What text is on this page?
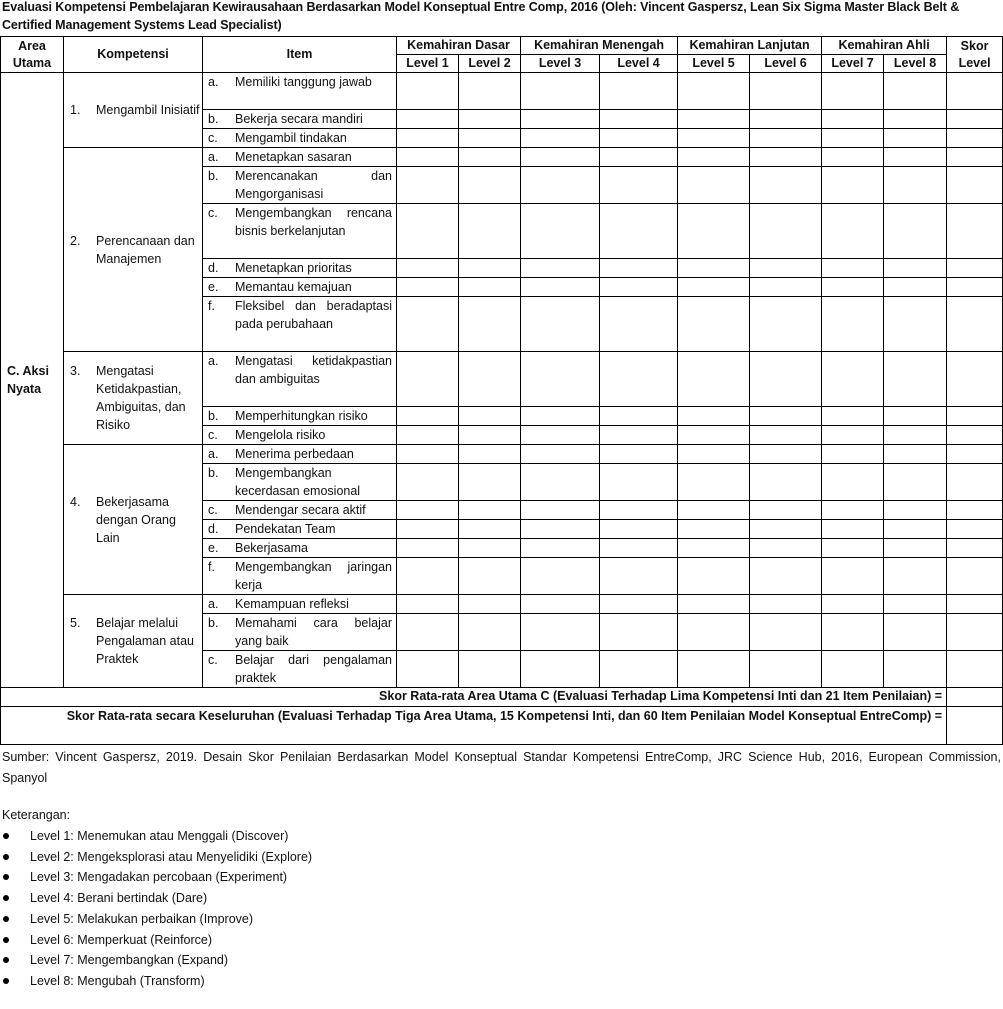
Evaluasi Kompetensi Pembelajaran Kewirausahaan Berdasarkan Model Konseptual Entre Comp, 2016 (Oleh: Vincent Gaspersz, Lean Six Sigma Master Black Belt & Certified Management Systems Lead Specialist)
Area Utama	Kompetensi	Item	Kemahiran Dasar		Kemahiran Menengah		Kemahiran Lanjutan		Kemahiran Ahli		Skor Level
			Level 1	Level 2	Level 3	Level 4	Level 5	Level 6	Level 7	Level 8	
C. Aksi Nyata	1. Mengambil Inisiatif	a. Memiliki tanggung jawab									

		b. Bekerja secara mandiri									

		c. Mengambil tindakan									

	2. Perencanaan dan Manajemen	a. Menetapkan sasaran									

		b. Merencanakan dan Mengorganisasi									

		c. Mengembangkan rencana bisnis berkelanjutan									

		d. Menetapkan prioritas									

		e. Memantau kemajuan									

		f. Fleksibel dan beradaptasi pada perubahaan									

	3. Mengatasi Ketidakpastian, Ambiguitas, dan Risiko	a. Mengatasi ketidakpastian dan ambiguitas									

		b. Memperhitungkan risiko									

		c. Mengelola risiko									

	4. Bekerjasama dengan Orang Lain	a. Menerima perbedaan									

		b. Mengembangkan kecerdasan emosional									

		c. Mendengar secara aktif									

		d. Pendekatan Team									

		e. Bekerjasama									

		f. Mengembangkan jaringan kerja									

	5. Belajar melalui Pengalaman atau Praktek	a. Kemampuan refleksi									

		b. Memahami cara belajar yang baik									

		c. Belajar dari pengalaman praktek									

Skor Rata-rata Area Utama C (Evaluasi Terhadap Lima Kompetensi Inti dan 21 Item Penilaian) =											
Skor Rata-rata secara Keseluruhan (Evaluasi Terhadap Tiga Area Utama, 15 Kompetensi Inti, dan 60 Item Penilaian Model Konseptual EntreComp) =											
Sumber: Vincent Gaspersz, 2019. Desain Skor Penilaian Berdasarkan Model Konseptual Standar Kompetensi EntreComp, JRC Science Hub, 2016, European Commission, Spanyol
Keterangan:
Level 1: Menemukan atau Menggali (Discover)
Level 2: Mengeksplorasi atau Menyelidiki (Explore)
Level 3: Mengadakan percobaan (Experiment)
Level 4: Berani bertindak (Dare)
Level 5: Melakukan perbaikan (Improve)
Level 6: Memperkuat (Reinforce)
Level 7: Mengembangkan (Expand)
Level 8: Mengubah (Transform)
